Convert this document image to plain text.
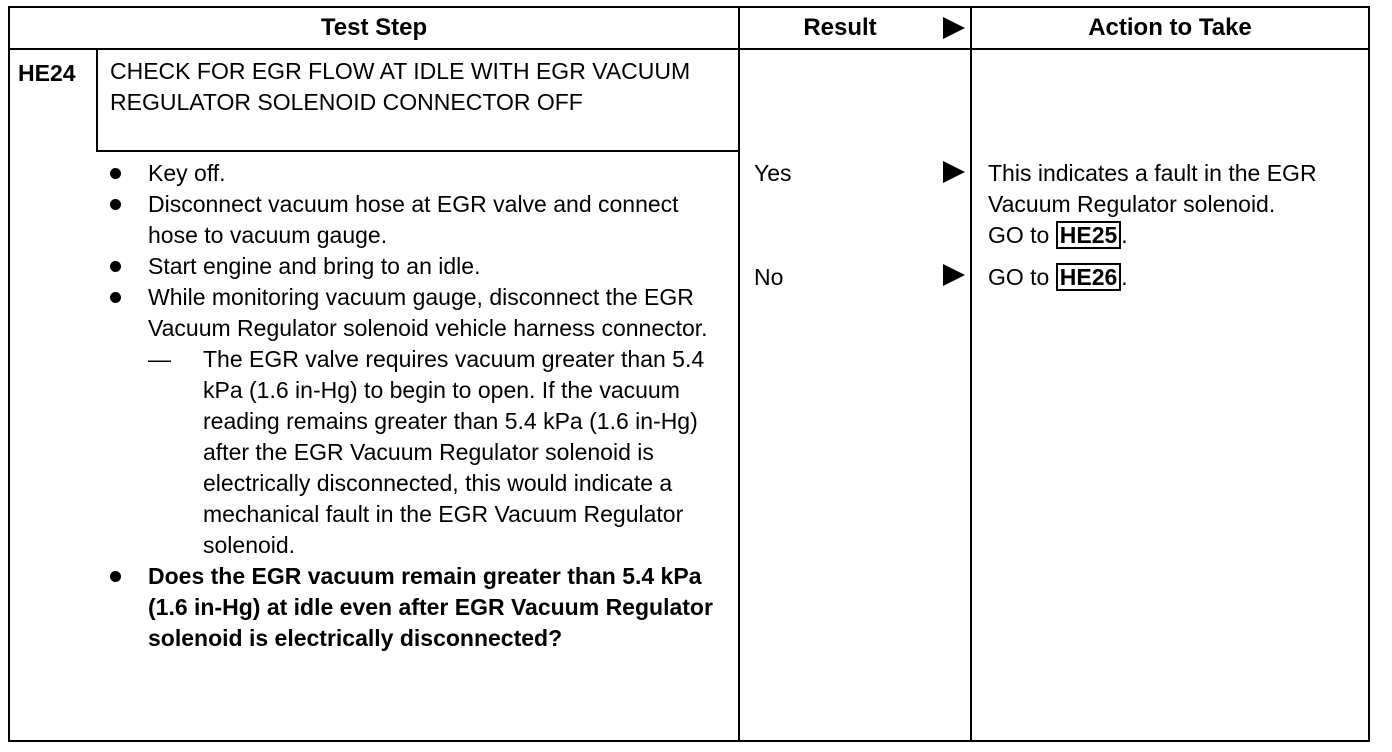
Test Step	Result	Action to Take
HE24 CHECK FOR EGR FLOW AT IDLE WITH EGR VACUUM REGULATOR SOLENOID CONNECTOR OFF
Key off.
Disconnect vacuum hose at EGR valve and connect hose to vacuum gauge.
Start engine and bring to an idle.
While monitoring vacuum gauge, disconnect the EGR Vacuum Regulator solenoid vehicle harness connector.
— The EGR valve requires vacuum greater than 5.4 kPa (1.6 in-Hg) to begin to open. If the vacuum reading remains greater than 5.4 kPa (1.6 in-Hg) after the EGR Vacuum Regulator solenoid is electrically disconnected, this would indicate a mechanical fault in the EGR Vacuum Regulator solenoid.
Does the EGR vacuum remain greater than 5.4 kPa (1.6 in-Hg) at idle even after EGR Vacuum Regulator solenoid is electrically disconnected?
Yes	This indicates a fault in the EGR Vacuum Regulator solenoid.
GO to HE25 .
No	GO to HE26 .
